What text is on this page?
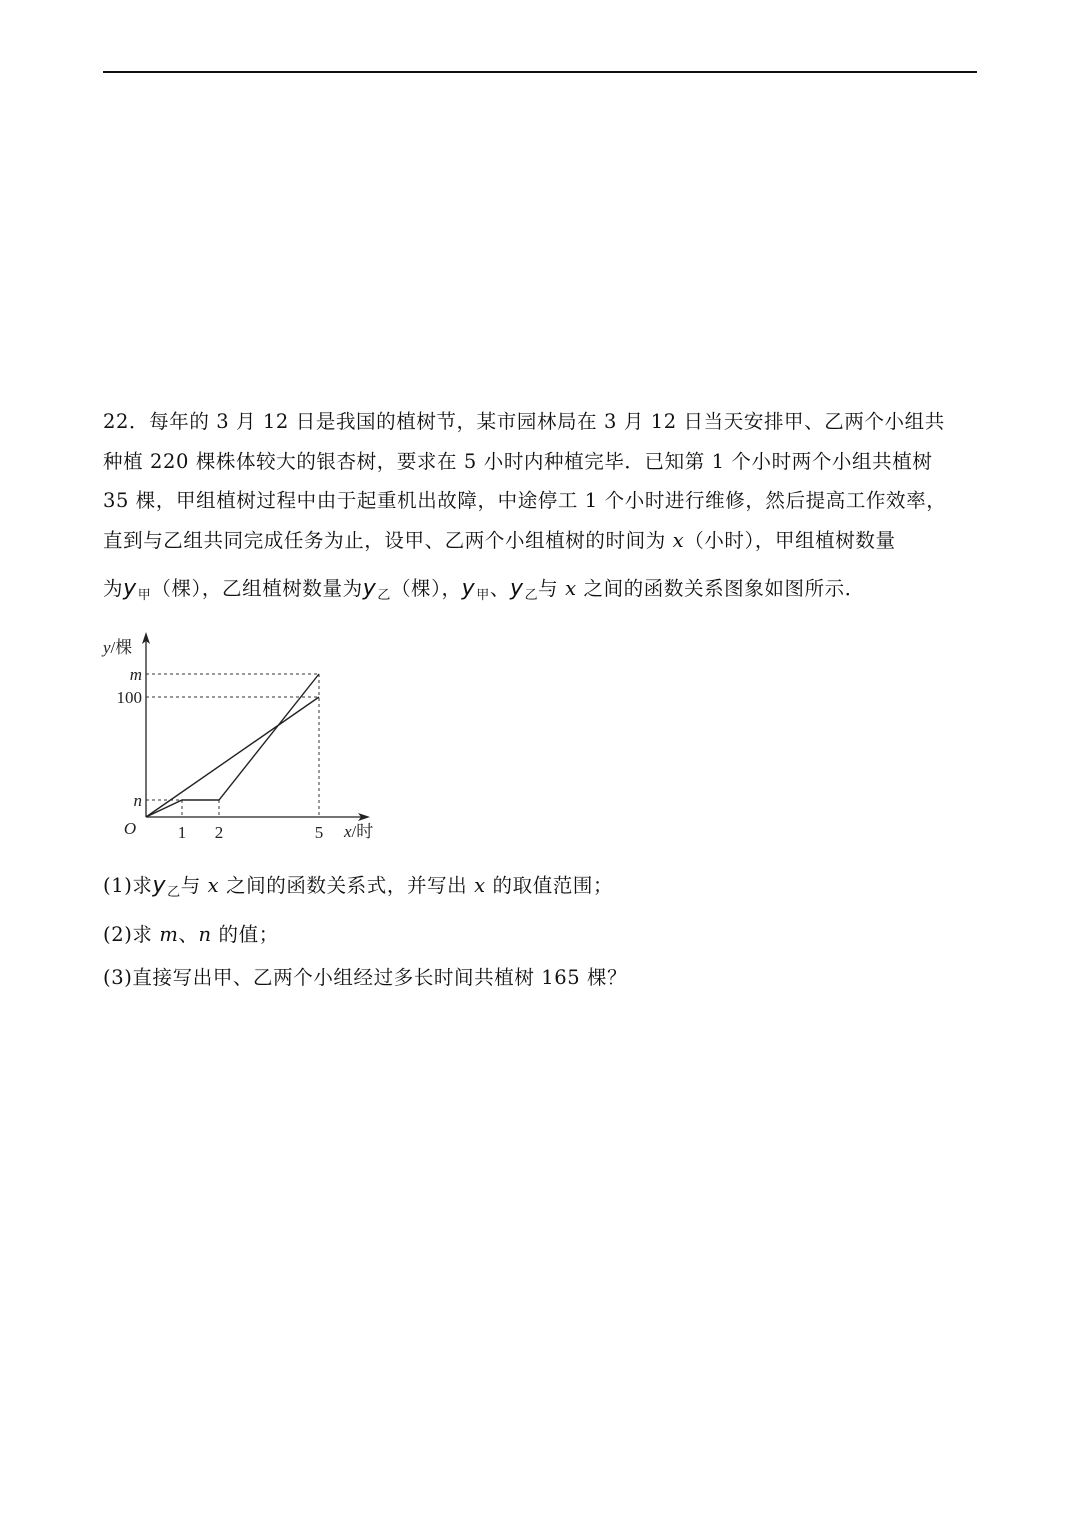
22．每年的 3 月 12 日是我国的植树节，某市园林局在 3 月 12 日当天安排甲、乙两个小组共

种植 220 棵株体较大的银杏树，要求在 5 小时内种植完毕．已知第 1 个小时两个小组共植树

35 棵，甲组植树过程中由于起重机出故障，中途停工 1 个小时进行维修，然后提高工作效率，

直到与乙组共同完成任务为止，设甲、乙两个小组植树的时间为 x（小时），甲组植树数量

为$y_甲$（棵），乙组植树数量为$y_乙$（棵），$y_甲$、$y_乙$与 x 之间的函数关系图象如图所示．

1 2	5
n
100
m
O	x/时
y/棵

(1)求$y_乙$与 x 之间的函数关系式，并写出 x 的取值范围；

(2)求 m、n 的值；

(3)直接写出甲、乙两个小组经过多长时间共植树 165 棵？
